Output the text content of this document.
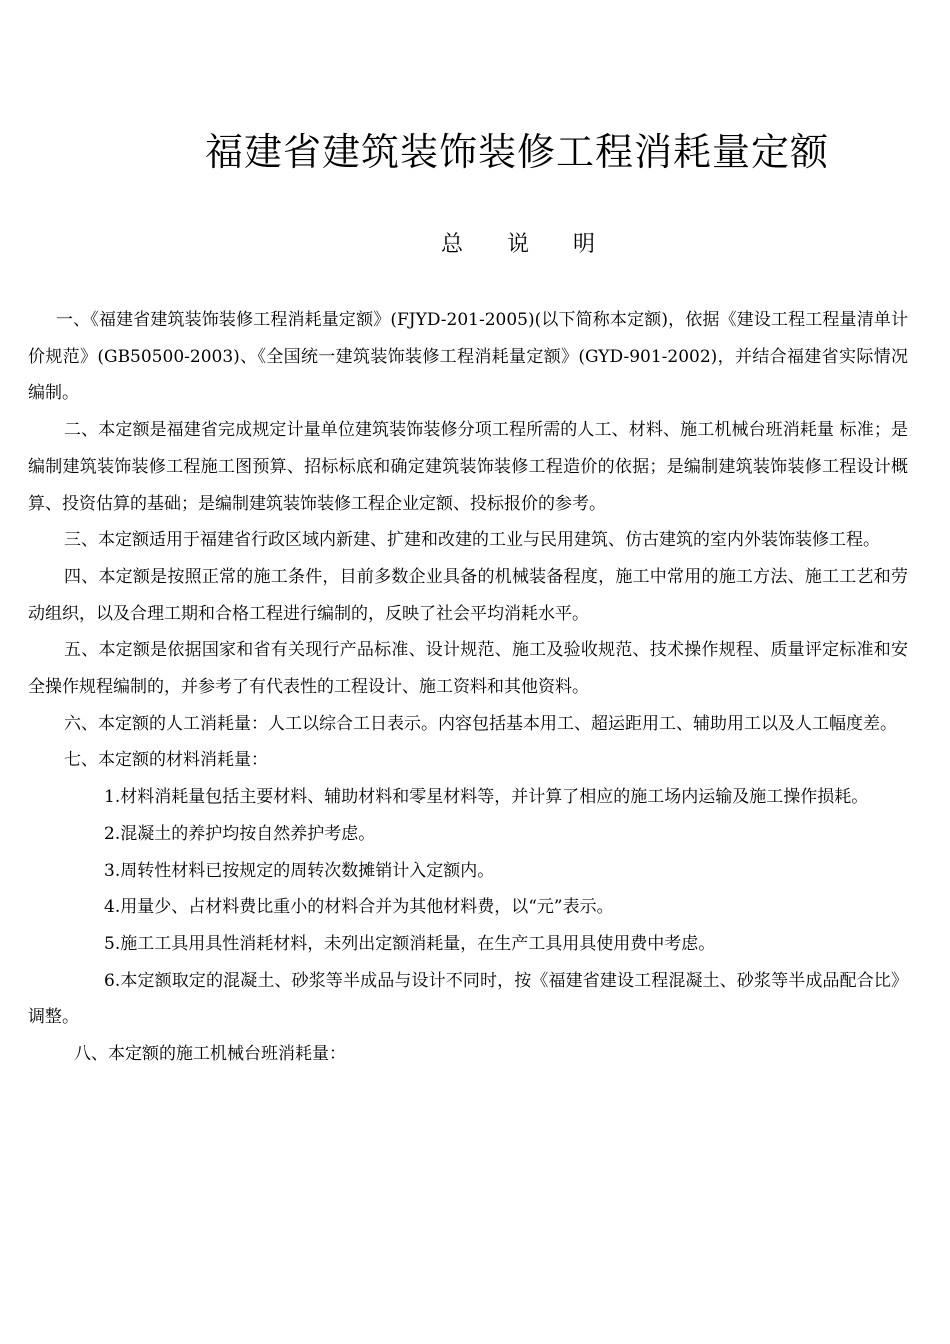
福建省建筑装饰装修工程消耗量定额
总　　说　　明

一、《福建省建筑装饰装修工程消耗量定额》(FJYD-201-2005)(以下简称本定额)，依据《建设工程工程量清单计价规范》(GB50500-2003)、《全国统一建筑装饰装修工程消耗量定额》(GYD-901-2002)，并结合福建省实际情况编制。

二、本定额是福建省完成规定计量单位建筑装饰装修分项工程所需的人工、材料、施工机械台班消耗量 标准；是编制建筑装饰装修工程施工图预算、招标标底和确定建筑装饰装修工程造价的依据；是编制建筑装饰装修工程设计概算、投资估算的基础；是编制建筑装饰装修工程企业定额、投标报价的参考。

三、本定额适用于福建省行政区域内新建、扩建和改建的工业与民用建筑、仿古建筑的室内外装饰装修工程。

四、本定额是按照正常的施工条件，目前多数企业具备的机械装备程度，施工中常用的施工方法、施工工艺和劳动组织，以及合理工期和合格工程进行编制的，反映了社会平均消耗水平。

五、本定额是依据国家和省有关现行产品标准、设计规范、施工及验收规范、技术操作规程、质量评定标准和安全操作规程编制的，并参考了有代表性的工程设计、施工资料和其他资料。

六、本定额的人工消耗量：人工以综合工日表示。内容包括基本用工、超运距用工、辅助用工以及人工幅度差。

七、本定额的材料消耗量：

1.材料消耗量包括主要材料、辅助材料和零星材料等，并计算了相应的施工场内运输及施工操作损耗。

2.混凝土的养护均按自然养护考虑。

3.周转性材料已按规定的周转次数摊销计入定额内。

4.用量少、占材料费比重小的材料合并为其他材料费，以“元”表示。

5.施工工具用具性消耗材料，未列出定额消耗量，在生产工具用具使用费中考虑。

6.本定额取定的混凝土、砂浆等半成品与设计不同时，按《福建省建设工程混凝土、砂浆等半成品配合比》调整。

八、本定额的施工机械台班消耗量：
